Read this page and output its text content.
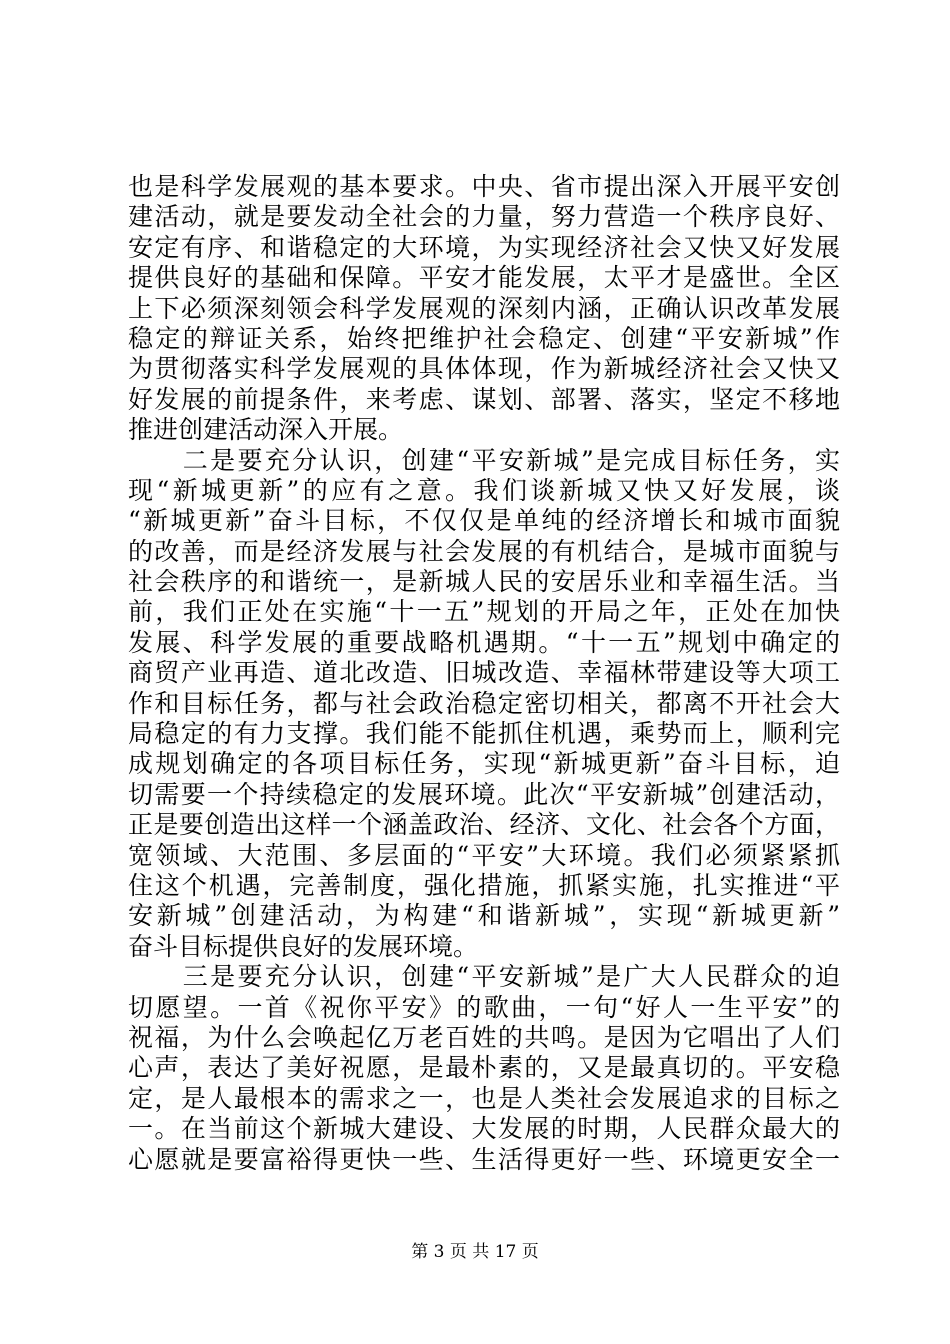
也是科学发展观的基本要求。中央、省市提出深入开展平安创
建活动，就是要发动全社会的力量，努力营造一个秩序良好、
安定有序、和谐稳定的大环境，为实现经济社会又快又好发展
提供良好的基础和保障。平安才能发展，太平才是盛世。全区
上下必须深刻领会科学发展观的深刻内涵，正确认识改革发展
稳定的辩证关系，始终把维护社会稳定、创建“平安新城”作
为贯彻落实科学发展观的具体体现，作为新城经济社会又快又
好发展的前提条件，来考虑、谋划、部署、落实，坚定不移地
推进创建活动深入开展。
　　二是要充分认识，创建“平安新城”是完成目标任务，实
现“新城更新”的应有之意。我们谈新城又快又好发展，谈
“新城更新”奋斗目标，不仅仅是单纯的经济增长和城市面貌
的改善，而是经济发展与社会发展的有机结合，是城市面貌与
社会秩序的和谐统一，是新城人民的安居乐业和幸福生活。当
前，我们正处在实施“十一五”规划的开局之年，正处在加快
发展、科学发展的重要战略机遇期。“十一五”规划中确定的
商贸产业再造、道北改造、旧城改造、幸福林带建设等大项工
作和目标任务，都与社会政治稳定密切相关，都离不开社会大
局稳定的有力支撑。我们能不能抓住机遇，乘势而上，顺利完
成规划确定的各项目标任务，实现“新城更新”奋斗目标，迫
切需要一个持续稳定的发展环境。此次“平安新城”创建活动，
正是要创造出这样一个涵盖政治、经济、文化、社会各个方面，
宽领域、大范围、多层面的“平安”大环境。我们必须紧紧抓
住这个机遇，完善制度，强化措施，抓紧实施，扎实推进“平
安新城”创建活动，为构建“和谐新城”，实现“新城更新”
奋斗目标提供良好的发展环境。
　　三是要充分认识，创建“平安新城”是广大人民群众的迫
切愿望。一首《祝你平安》的歌曲，一句“好人一生平安”的
祝福，为什么会唤起亿万老百姓的共鸣。是因为它唱出了人们
心声，表达了美好祝愿，是最朴素的，又是最真切的。平安稳
定，是人最根本的需求之一，也是人类社会发展追求的目标之
一。在当前这个新城大建设、大发展的时期，人民群众最大的
心愿就是要富裕得更快一些、生活得更好一些、环境更安全一
第 3 页 共 17 页
